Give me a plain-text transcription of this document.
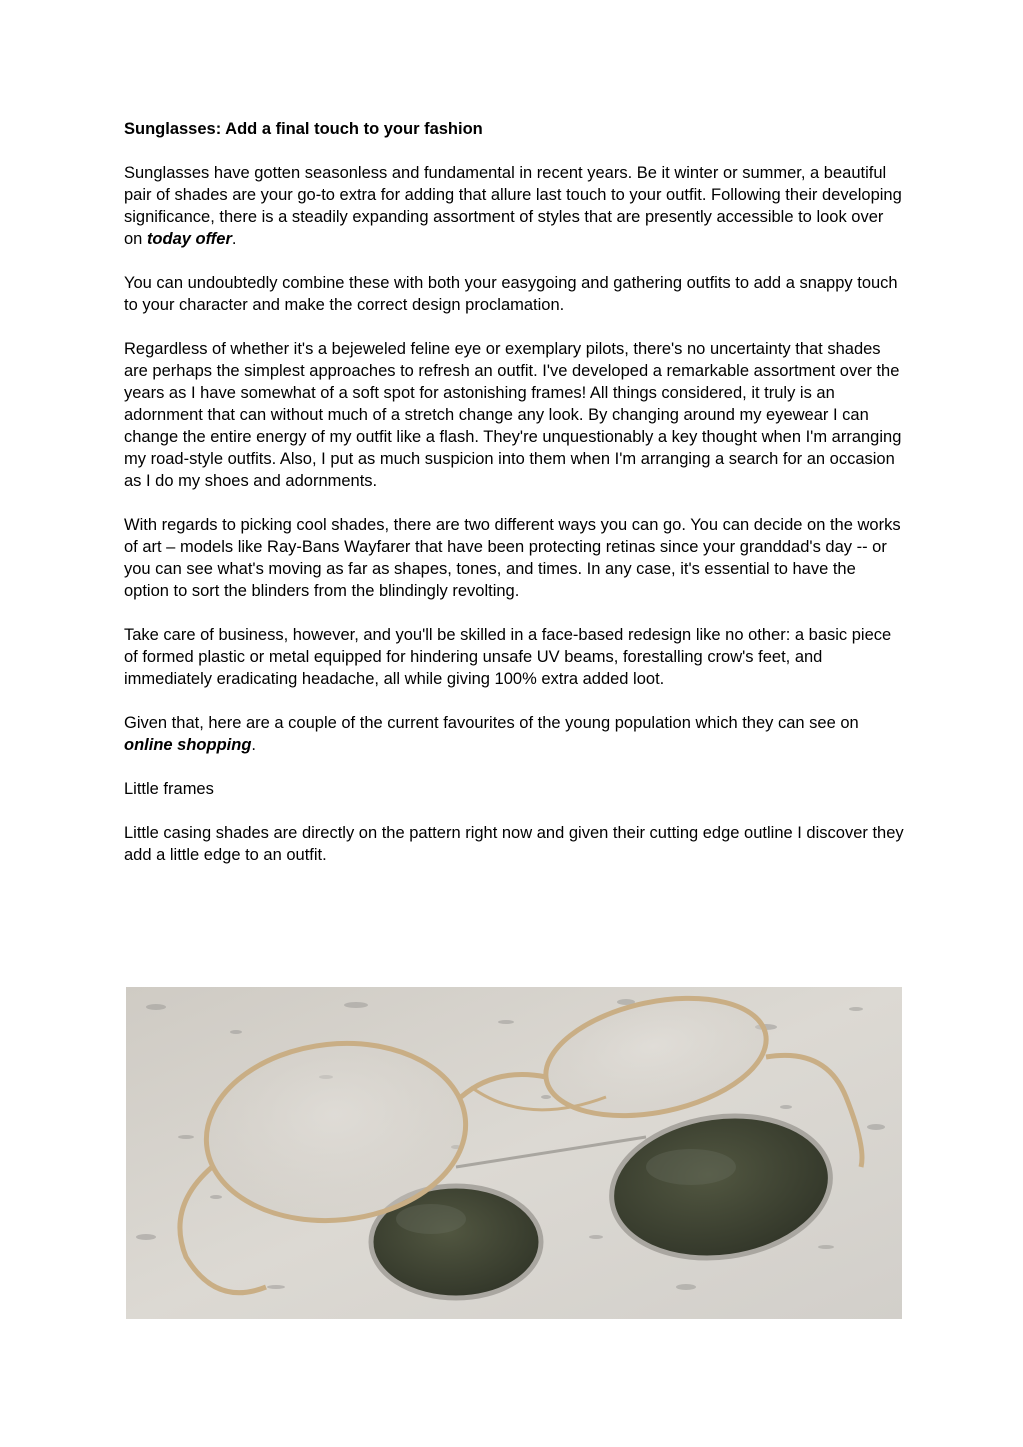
Sunglasses: Add a final touch to your fashion

Sunglasses have gotten seasonless and fundamental in recent years. Be it winter or summer, a beautiful pair of shades are your go-to extra for adding that allure last touch to your outfit. Following their developing significance, there is a steadily expanding assortment of styles that are presently accessible to look over on today offer.

You can undoubtedly combine these with both your easygoing and gathering outfits to add a snappy touch to your character and make the correct design proclamation.

Regardless of whether it's a bejeweled feline eye or exemplary pilots, there's no uncertainty that shades are perhaps the simplest approaches to refresh an outfit. I've developed a remarkable assortment over the years as I have somewhat of a soft spot for astonishing frames! All things considered, it truly is an adornment that can without much of a stretch change any look. By changing around my eyewear I can change the entire energy of my outfit like a flash. They're unquestionably a key thought when I'm arranging my road-style outfits. Also, I put as much suspicion into them when I'm arranging a search for an occasion as I do my shoes and adornments.

With regards to picking cool shades, there are two different ways you can go. You can decide on the works of art – models like Ray-Bans Wayfarer that have been protecting retinas since your granddad's day -- or you can see what's moving as far as shapes, tones, and times. In any case, it's essential to have the option to sort the blinders from the blindingly revolting.

Take care of business, however, and you'll be skilled in a face-based redesign like no other: a basic piece of formed plastic or metal equipped for hindering unsafe UV beams, forestalling crow's feet, and immediately eradicating headache, all while giving 100% extra added loot.

Given that, here are a couple of the current favourites of the young population which they can see on online shopping.

Little frames

Little casing shades are directly on the pattern right now and given their cutting edge outline I discover they add a little edge to an outfit.
